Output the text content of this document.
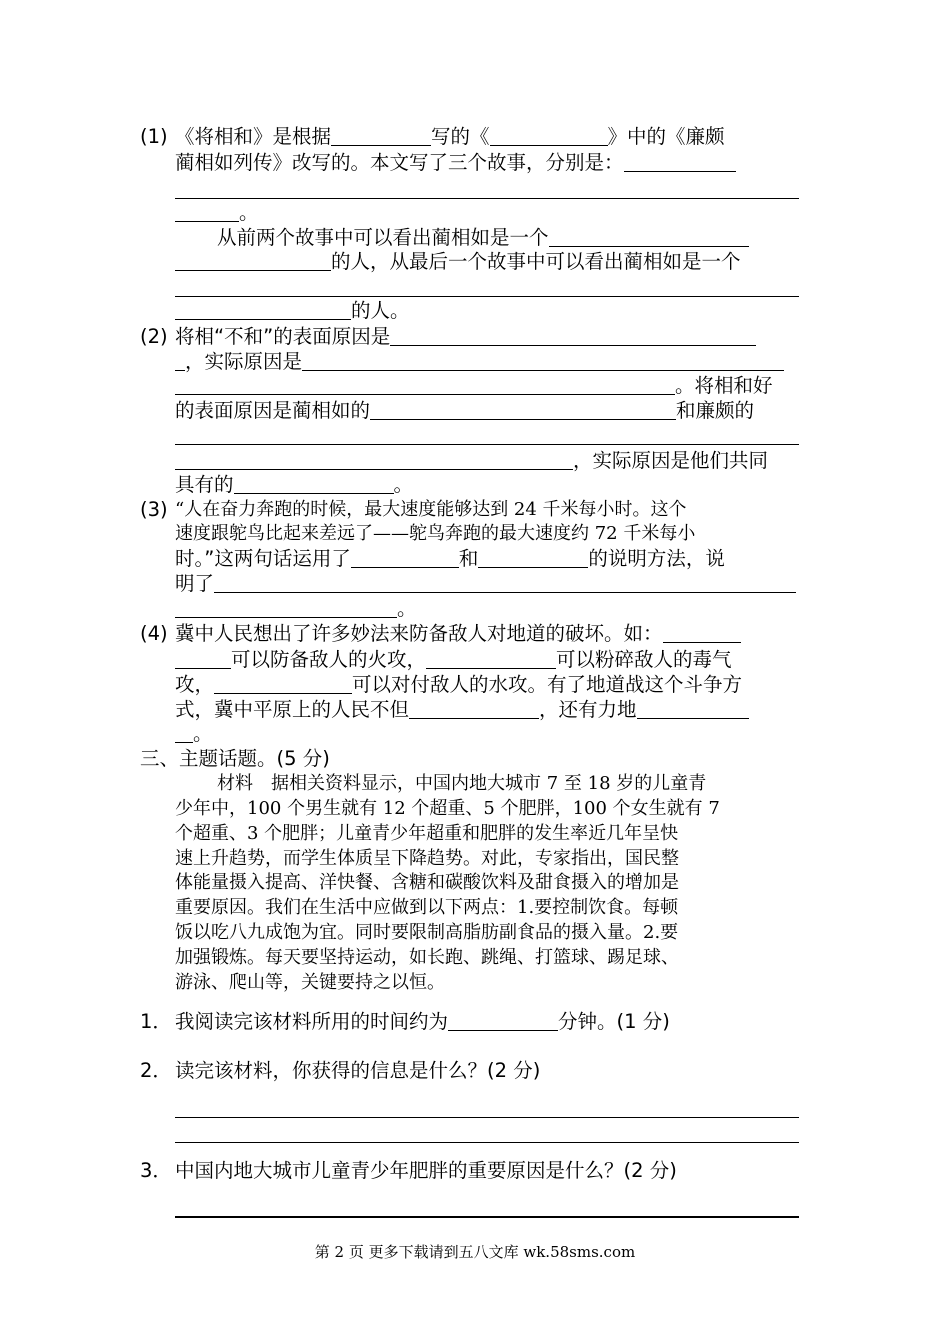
(1) 《将相和》是根据	写的《	》中的《廉颇
蔺相如列传》改写的。本文写了三个故事，分别是：
。
从前两个故事中可以看出蔺相如是一个
的人，从最后一个故事中可以看出蔺相如是一个
的人。
(2) 将相“不和”的表面原因是
，实际原因是
。将相和好
的表面原因是蔺相如的	和廉颇的
，实际原因是他们共同
具有的	。
(3) “人在奋力奔跑的时候，最大速度能够达到 24 千米每小时。这个
速度跟鸵鸟比起来差远了——鸵鸟奔跑的最大速度约 72 千米每小
时。”这两句话运用了	和	的说明方法，说
明了
。
(4) 冀中人民想出了许多妙法来防备敌人对地道的破坏。如：
可以防备敌人的火攻，	可以粉碎敌人的毒气
攻，	可以对付敌人的水攻。有了地道战这个斗争方
式，冀中平原上的人民不但	，还有力地
。
三、主题话题。(5 分)
材料　据相关资料显示，中国内地大城市 7 至 18 岁的儿童青
少年中，100 个男生就有 12 个超重、5 个肥胖，100 个女生就有 7
个超重、3 个肥胖；儿童青少年超重和肥胖的发生率近几年呈快
速上升趋势，而学生体质呈下降趋势。对此，专家指出，国民整
体能量摄入提高、洋快餐、含糖和碳酸饮料及甜食摄入的增加是
重要原因。我们在生活中应做到以下两点：1.要控制饮食。每顿
饭以吃八九成饱为宜。同时要限制高脂肪副食品的摄入量。2.要
加强锻炼。每天要坚持运动，如长跑、跳绳、打篮球、踢足球、
游泳、爬山等，关键要持之以恒。
1． 我阅读完该材料所用的时间约为	分钟。(1 分)
2． 读完该材料，你获得的信息是什么？(2 分)
3． 中国内地大城市儿童青少年肥胖的重要原因是什么？(2 分)
第 2 页 更多下载请到五八文库 wk.58sms.com
